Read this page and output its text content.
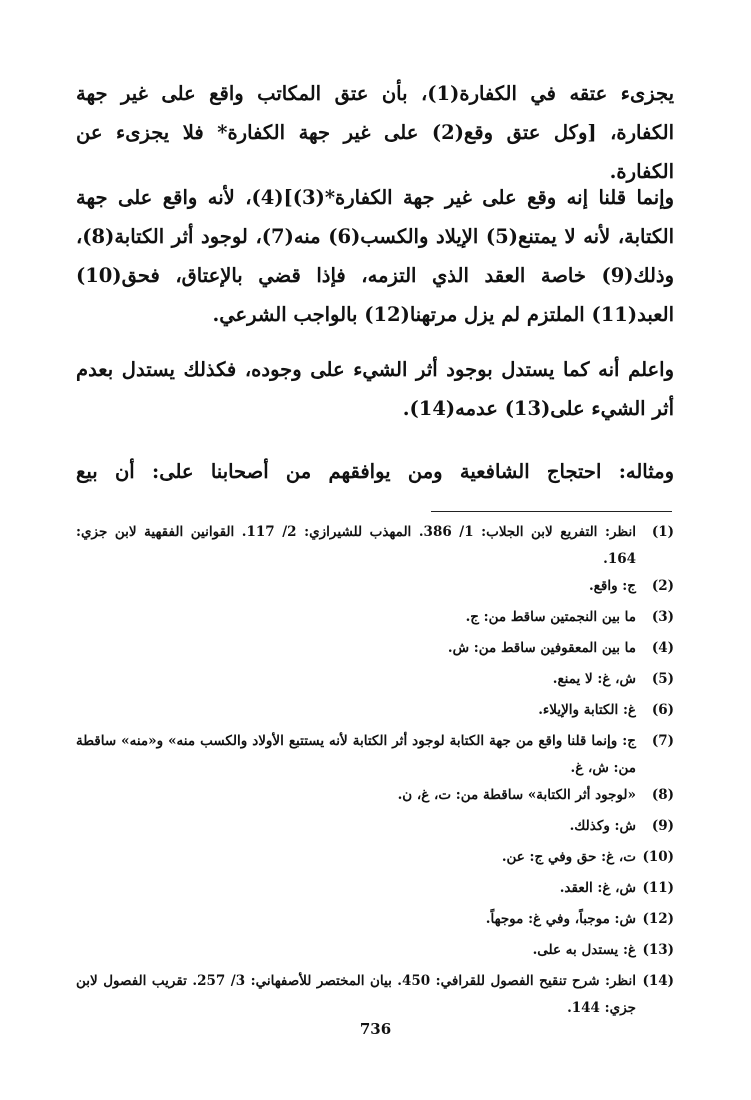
يجزىء عتقه في الكفارة(1)، بأن عتق المكاتب واقع على غير جهة الكفارة، [وكل عتق وقع(2) على غير جهة الكفارة* فلا يجزىء عن الكفارة.

وإنما قلنا إنه وقع على غير جهة الكفارة*(3)](4)، لأنه واقع على جهة الكتابة، لأنه لا يمتنع(5) الإيلاد والكسب(6) منه(7)، لوجود أثر الكتابة(8)، وذلك(9) خاصة العقد الذي التزمه، فإذا قضي بالإعتاق، فحق(10) العبد(11) الملتزم لم يزل مرتهنا(12) بالواجب الشرعي.

واعلم أنه كما يستدل بوجود أثر الشيء على وجوده، فكذلك يستدل بعدم أثر الشيء على(13) عدمه(14).

ومثاله: احتجاج الشافعية ومن يوافقهم من أصحابنا على: أن بيع

(1)
انظر: التفريع لابن الجلاب: 1/ 386. المهذب للشيرازي: 2/ 117. القوانين الفقهية لابن جزي: 164.
(2)
ج: واقع.
(3)
ما بين النجمتين ساقط من: ج.
(4)
ما بين المعقوفين ساقط من: ش.
(5)
ش، غ: لا يمنع.
(6)
غ: الكتابة والإيلاء.
(7)
ج: وإنما قلنا واقع من جهة الكتابة لوجود أثر الكتابة لأنه يستتبع الأولاد والكسب منه» و«منه» ساقطة من: ش، غ.
(8)
«لوجود أثر الكتابة» ساقطة من: ت، غ، ن.
(9)
ش: وكذلك.
(10)
ت، غ: حق وفي ج: عن.
(11)
ش، غ: العقد.
(12)
ش: موجباً، وفي غ: موجهاً.
(13)
غ: يستدل به على.
(14)
انظر: شرح تنقيح الفصول للقرافي: 450. بيان المختصر للأصفهاني: 3/ 257. تقريب الفصول لابن جزي: 144.
736
